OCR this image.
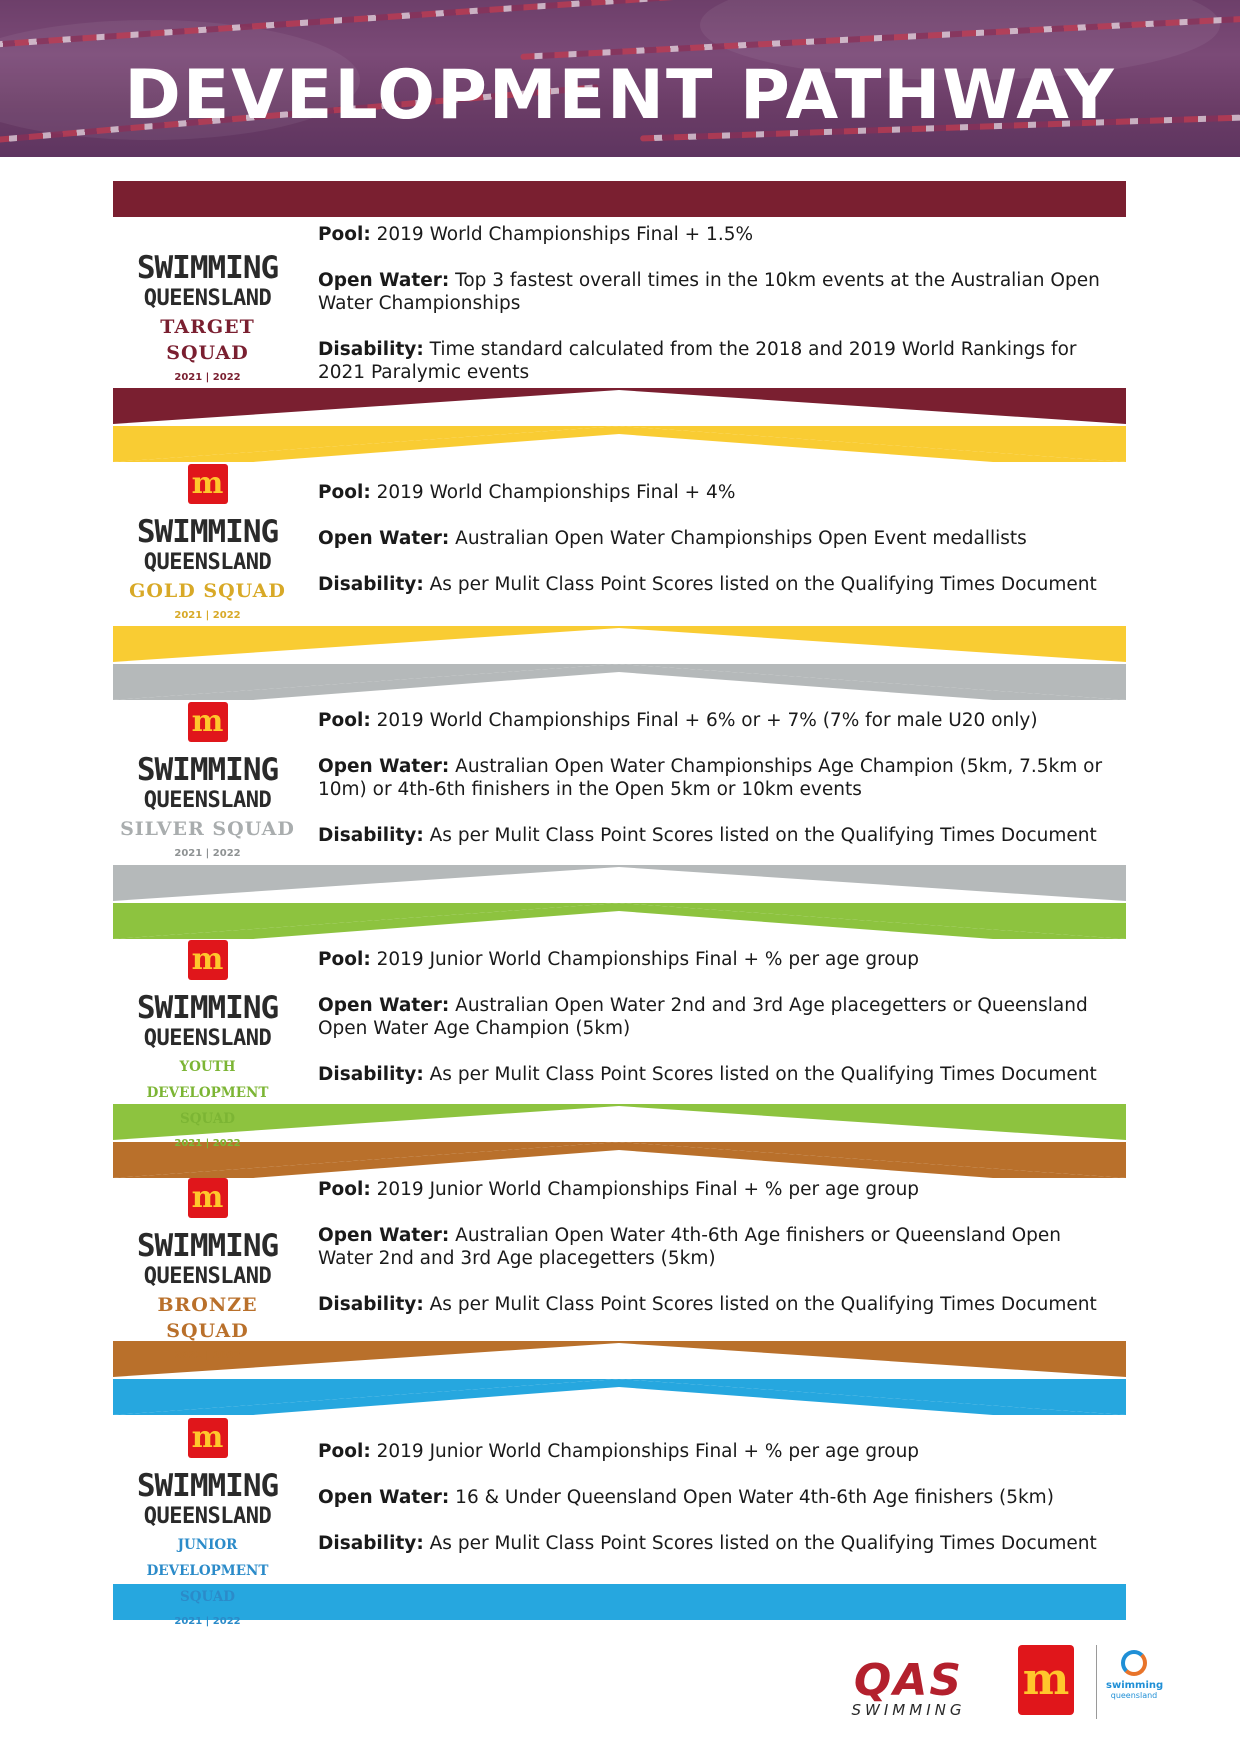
DEVELOPMENT PATHWAY
SWIMMING
QUEENSLAND
TARGET SQUAD
2021 | 2022

Pool: 2019 World Championships Final + 1.5%

Open Water: Top 3 fastest overall times in the 10km events at the Australian Open Water Championships

Disability: Time standard calculated from the 2018 and 2019 World Rankings for 2021 Paralymic events

m
SWIMMING
QUEENSLAND
GOLD SQUAD
2021 | 2022

Pool: 2019 World Championships Final + 4%

Open Water: Australian Open Water Championships Open Event medallists

Disability: As per Mulit Class Point Scores listed on the Qualifying Times Document

m
SWIMMING
QUEENSLAND
SILVER SQUAD
2021 | 2022

Pool: 2019 World Championships Final + 6% or + 7% (7% for male U20 only)

Open Water: Australian Open Water Championships Age Champion (5km, 7.5km or 10m) or 4th-6th finishers in the Open 5km or 10km events

Disability: As per Mulit Class Point Scores listed on the Qualifying Times Document

m
SWIMMING
QUEENSLAND
YOUTH DEVELOPMENT SQUAD
2021 | 2022

Pool: 2019 Junior World Championships Final + % per age group

Open Water: Australian Open Water 2nd and 3rd Age placegetters or Queensland Open Water Age Champion (5km)

Disability: As per Mulit Class Point Scores listed on the Qualifying Times Document

m
SWIMMING
QUEENSLAND
BRONZE SQUAD
2021 | 2022

Pool: 2019 Junior World Championships Final + % per age group

Open Water: Australian Open Water 4th-6th Age finishers or Queensland Open Water 2nd and 3rd Age placegetters (5km)

Disability: As per Mulit Class Point Scores listed on the Qualifying Times Document

m
SWIMMING
QUEENSLAND
JUNIOR DEVELOPMENT SQUAD
2021 | 2022

Pool: 2019 Junior World Championships Final + % per age group

Open Water: 16 & Under Queensland Open Water 4th-6th Age finishers (5km)

Disability: As per Mulit Class Point Scores listed on the Qualifying Times Document

QAS
SWIMMING
m	swimming
queensland
